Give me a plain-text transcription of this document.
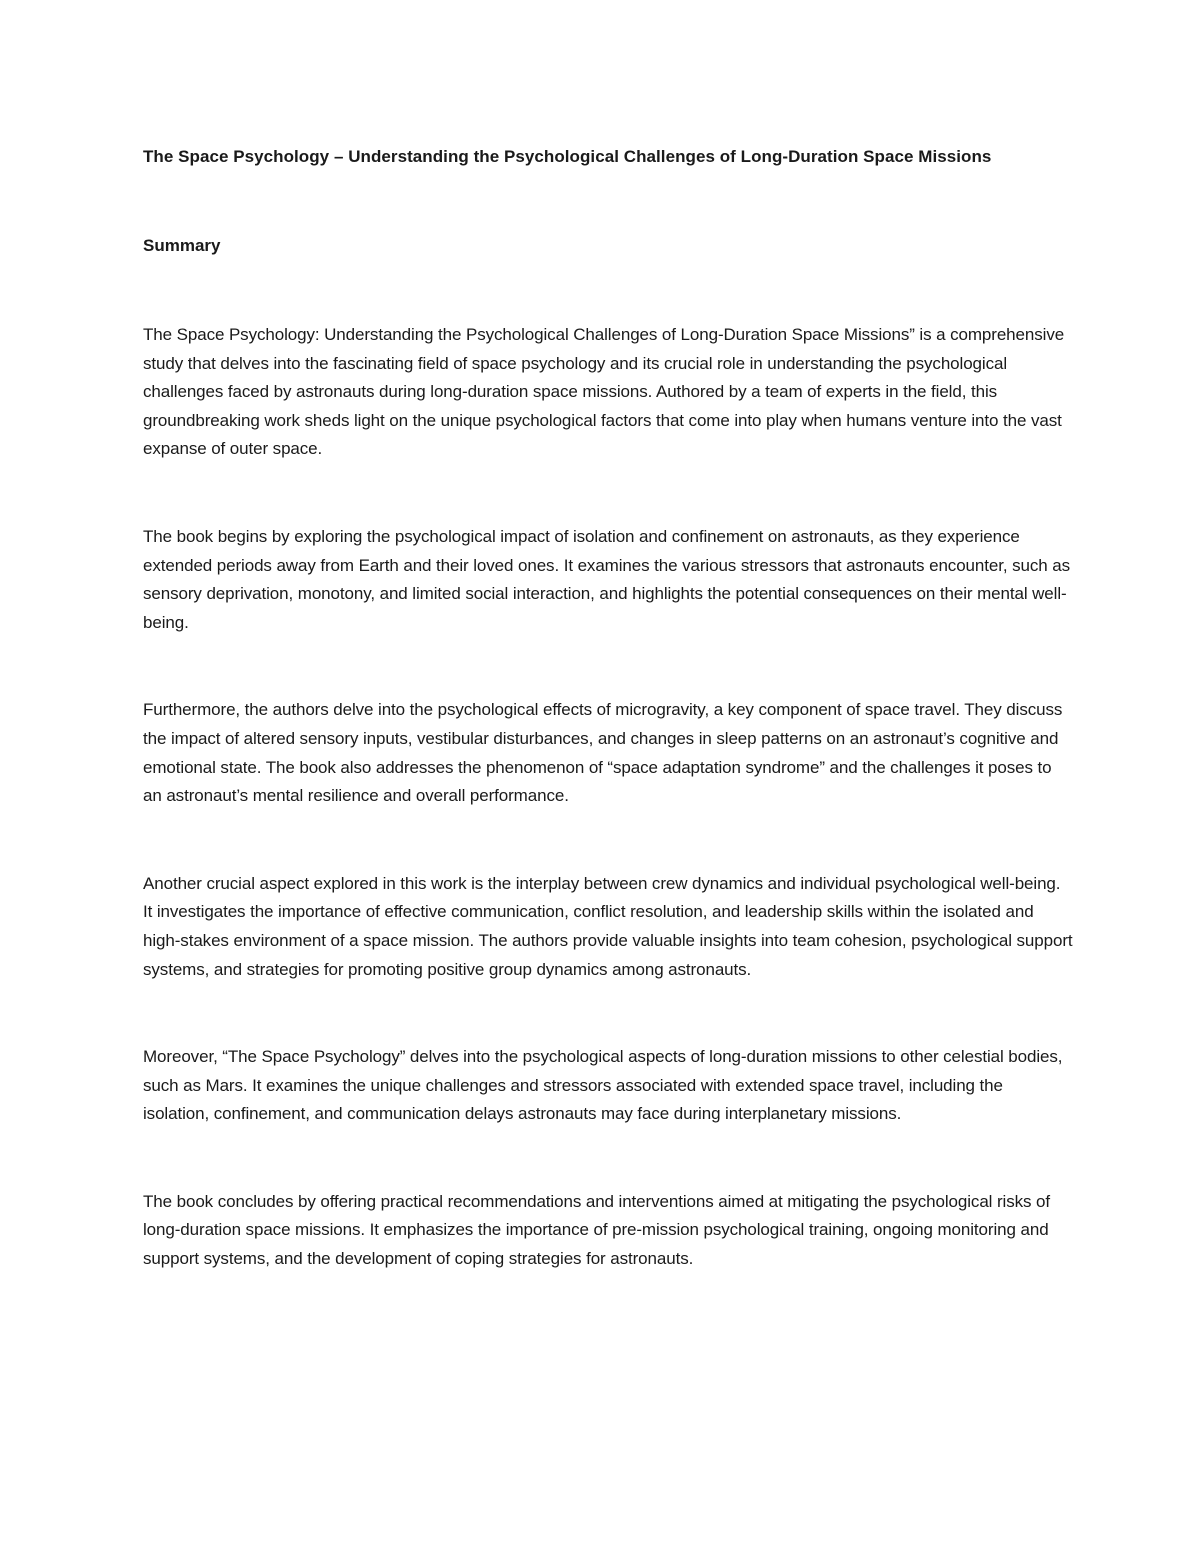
The Space Psychology – Understanding the Psychological Challenges of Long-Duration Space Missions
Summary

The Space Psychology: Understanding the Psychological Challenges of Long-Duration Space Missions” is a comprehensive study that delves into the fascinating field of space psychology and its crucial role in understanding the psychological challenges faced by astronauts during long-duration space missions. Authored by a team of experts in the field, this groundbreaking work sheds light on the unique psychological factors that come into play when humans venture into the vast expanse of outer space.

The book begins by exploring the psychological impact of isolation and confinement on astronauts, as they experience extended periods away from Earth and their loved ones. It examines the various stressors that astronauts encounter, such as sensory deprivation, monotony, and limited social interaction, and highlights the potential consequences on their mental well-being.

Furthermore, the authors delve into the psychological effects of microgravity, a key component of space travel. They discuss the impact of altered sensory inputs, vestibular disturbances, and changes in sleep patterns on an astronaut’s cognitive and emotional state. The book also addresses the phenomenon of “space adaptation syndrome” and the challenges it poses to an astronaut’s mental resilience and overall performance.

Another crucial aspect explored in this work is the interplay between crew dynamics and individual psychological well-being. It investigates the importance of effective communication, conflict resolution, and leadership skills within the isolated and high-stakes environment of a space mission. The authors provide valuable insights into team cohesion, psychological support systems, and strategies for promoting positive group dynamics among astronauts.

Moreover, “The Space Psychology” delves into the psychological aspects of long-duration missions to other celestial bodies, such as Mars. It examines the unique challenges and stressors associated with extended space travel, including the isolation, confinement, and communication delays astronauts may face during interplanetary missions.

The book concludes by offering practical recommendations and interventions aimed at mitigating the psychological risks of long-duration space missions. It emphasizes the importance of pre-mission psychological training, ongoing monitoring and support systems, and the development of coping strategies for astronauts.
